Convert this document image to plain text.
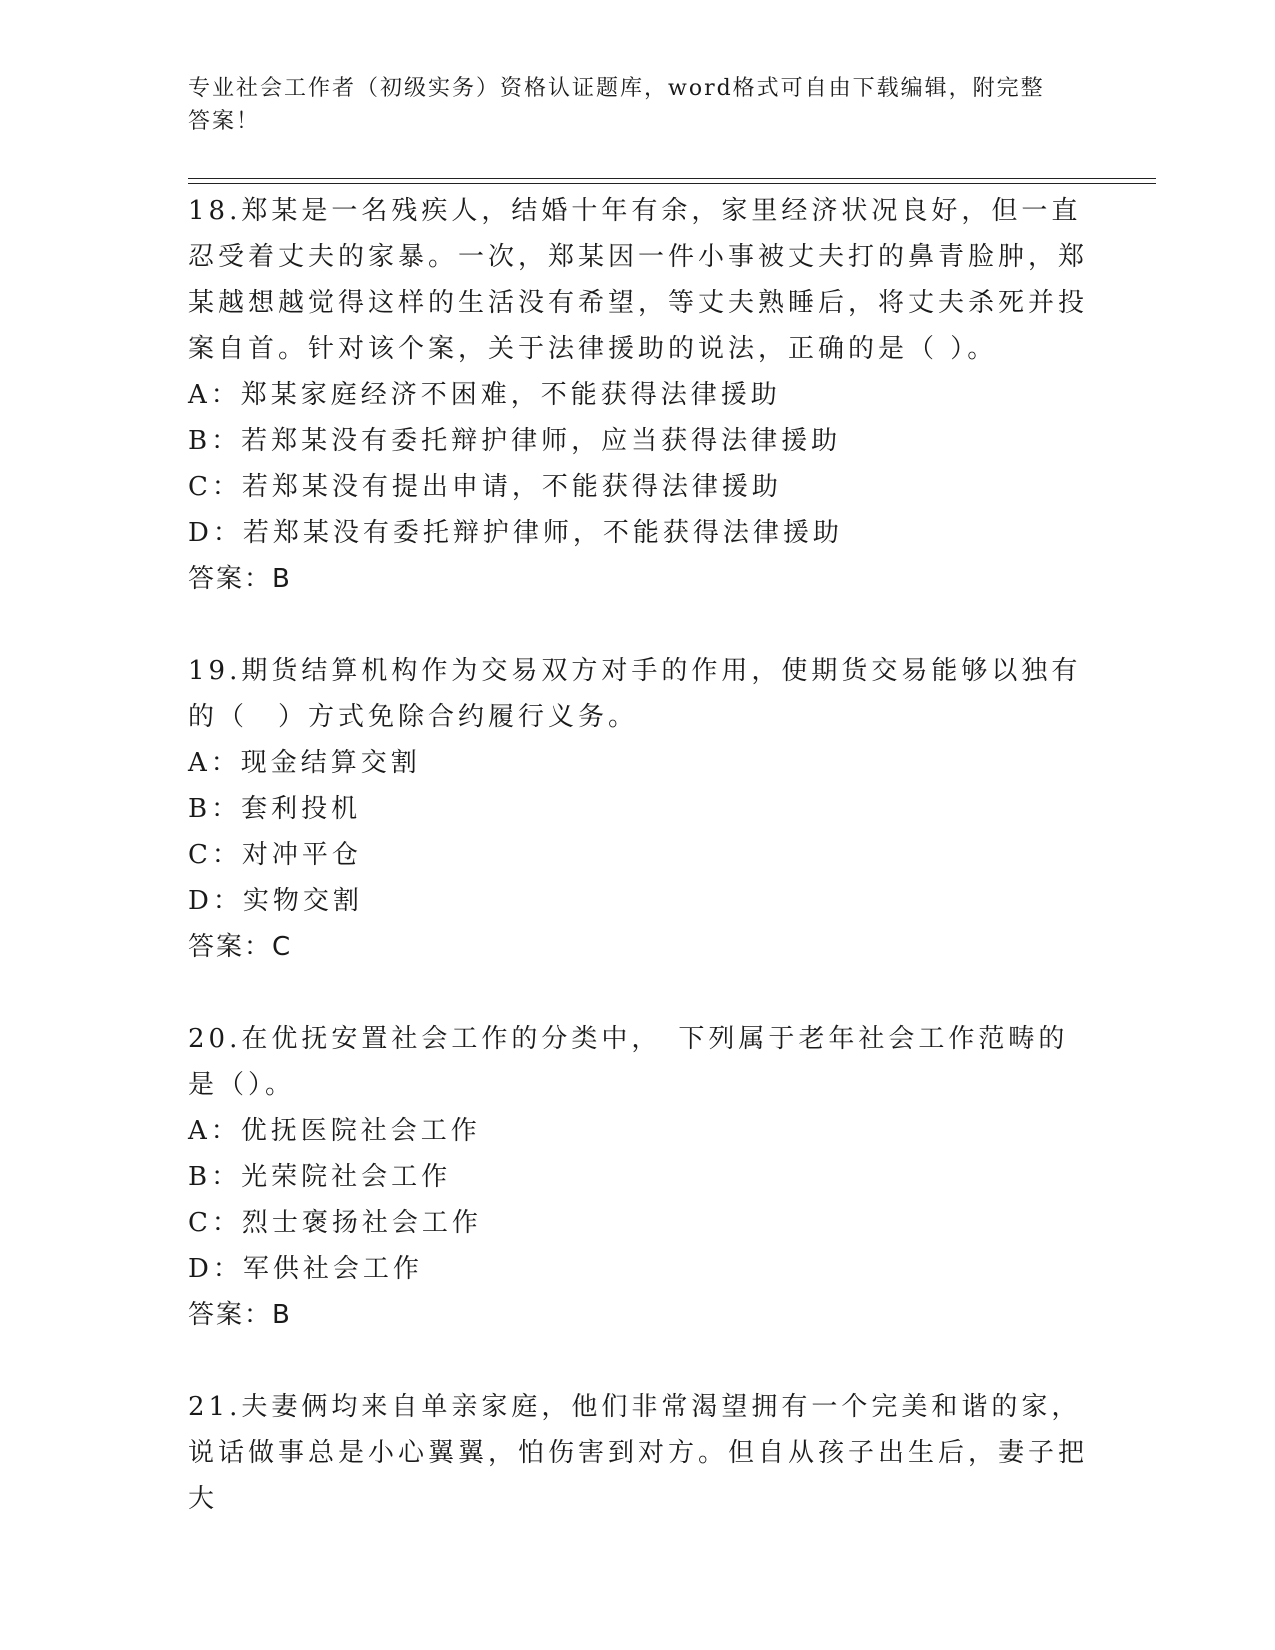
专业社会工作者（初级实务）资格认证题库，word格式可自由下载编辑，附完整答案！
18.郑某是一名残疾人，结婚十年有余，家里经济状况良好，但一直忍受着丈夫的家暴。一次，郑某因一件小事被丈夫打的鼻青脸肿，郑某越想越觉得这样的生活没有希望，等丈夫熟睡后，将丈夫杀死并投案自首。针对该个案，关于法律援助的说法，正确的是（ ）。
A：郑某家庭经济不困难，不能获得法律援助
B：若郑某没有委托辩护律师，应当获得法律援助
C：若郑某没有提出申请，不能获得法律援助
D：若郑某没有委托辩护律师，不能获得法律援助
答案：B
19.期货结算机构作为交易双方对手的作用，使期货交易能够以独有的（　）方式免除合约履行义务。
A：现金结算交割
B：套利投机
C：对冲平仓
D：实物交割
答案：C
20.在优抚安置社会工作的分类中，　下列属于老年社会工作范畴的是（）。
A：优抚医院社会工作
B：光荣院社会工作
C：烈士褒扬社会工作
D：军供社会工作
答案：B
21.夫妻俩均来自单亲家庭，他们非常渴望拥有一个完美和谐的家，说话做事总是小心翼翼，怕伤害到对方。但自从孩子出生后，妻子把大
